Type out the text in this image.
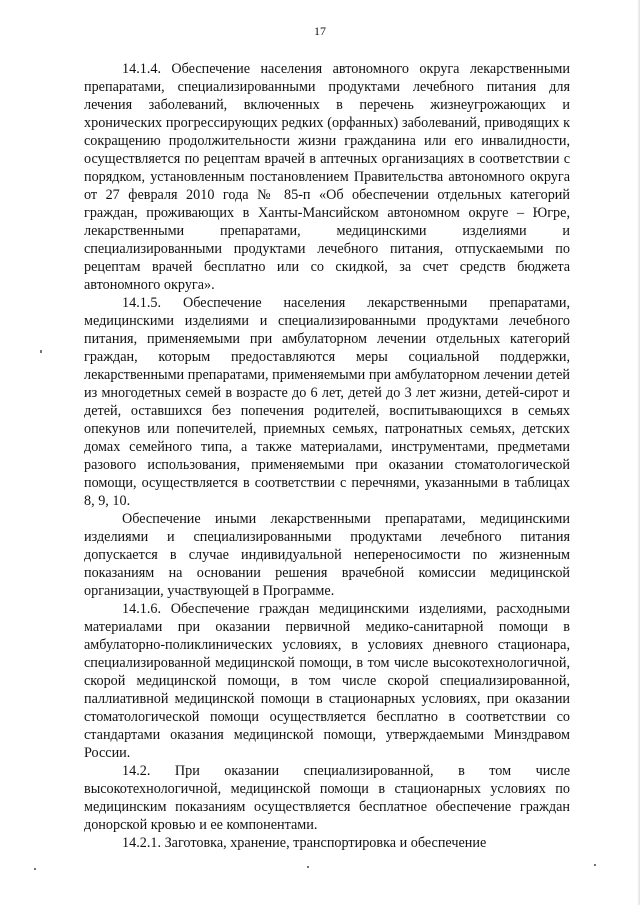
17

14.1.4. Обеспечение населения автономного округа лекарственными препаратами, специализированными продуктами лечебного питания для лечения заболеваний, включенных в перечень жизнеугрожающих и хронических прогрессирующих редких (орфанных) заболеваний, приводящих к сокращению продолжительности жизни гражданина или его инвалидности, осуществляется по рецептам врачей в аптечных организациях в соответствии с порядком, установленным постановлением Правительства автономного округа от 27 февраля 2010 года № 85-п «Об обеспечении отдельных категорий граждан, проживающих в Ханты-Мансийском автономном округе – Югре, лекарственными препаратами, медицинскими изделиями и специализированными продуктами лечебного питания, отпускаемыми по рецептам врачей бесплатно или со скидкой, за счет средств бюджета автономного округа».

14.1.5. Обеспечение населения лекарственными препаратами, медицинскими изделиями и специализированными продуктами лечебного питания, применяемыми при амбулаторном лечении отдельных категорий граждан, которым предоставляются меры социальной поддержки, лекарственными препаратами, применяемыми при амбулаторном лечении детей из многодетных семей в возрасте до 6 лет, детей до 3 лет жизни, детей-сирот и детей, оставшихся без попечения родителей, воспитывающихся в семьях опекунов или попечителей, приемных семьях, патронатных семьях, детских домах семейного типа, а также материалами, инструментами, предметами разового использования, применяемыми при оказании стоматологической помощи, осуществляется в соответствии с перечнями, указанными в таблицах 8, 9, 10.

Обеспечение иными лекарственными препаратами, медицинскими изделиями и специализированными продуктами лечебного питания допускается в случае индивидуальной непереносимости по жизненным показаниям на основании решения врачебной комиссии медицинской организации, участвующей в Программе.

14.1.6. Обеспечение граждан медицинскими изделиями, расходными материалами при оказании первичной медико-санитарной помощи в амбулаторно-поликлинических условиях, в условиях дневного стационара, специализированной медицинской помощи, в том числе высокотехнологичной, скорой медицинской помощи, в том числе скорой специализированной, паллиативной медицинской помощи в стационарных условиях, при оказании стоматологической помощи осуществляется бесплатно в соответствии со стандартами оказания медицинской помощи, утверждаемыми Минздравом России.

14.2. При оказании специализированной, в том числе высокотехнологичной, медицинской помощи в стационарных условиях по медицинским показаниям осуществляется бесплатное обеспечение граждан донорской кровью и ее компонентами.

14.2.1. Заготовка, хранение, транспортировка и обеспечение
